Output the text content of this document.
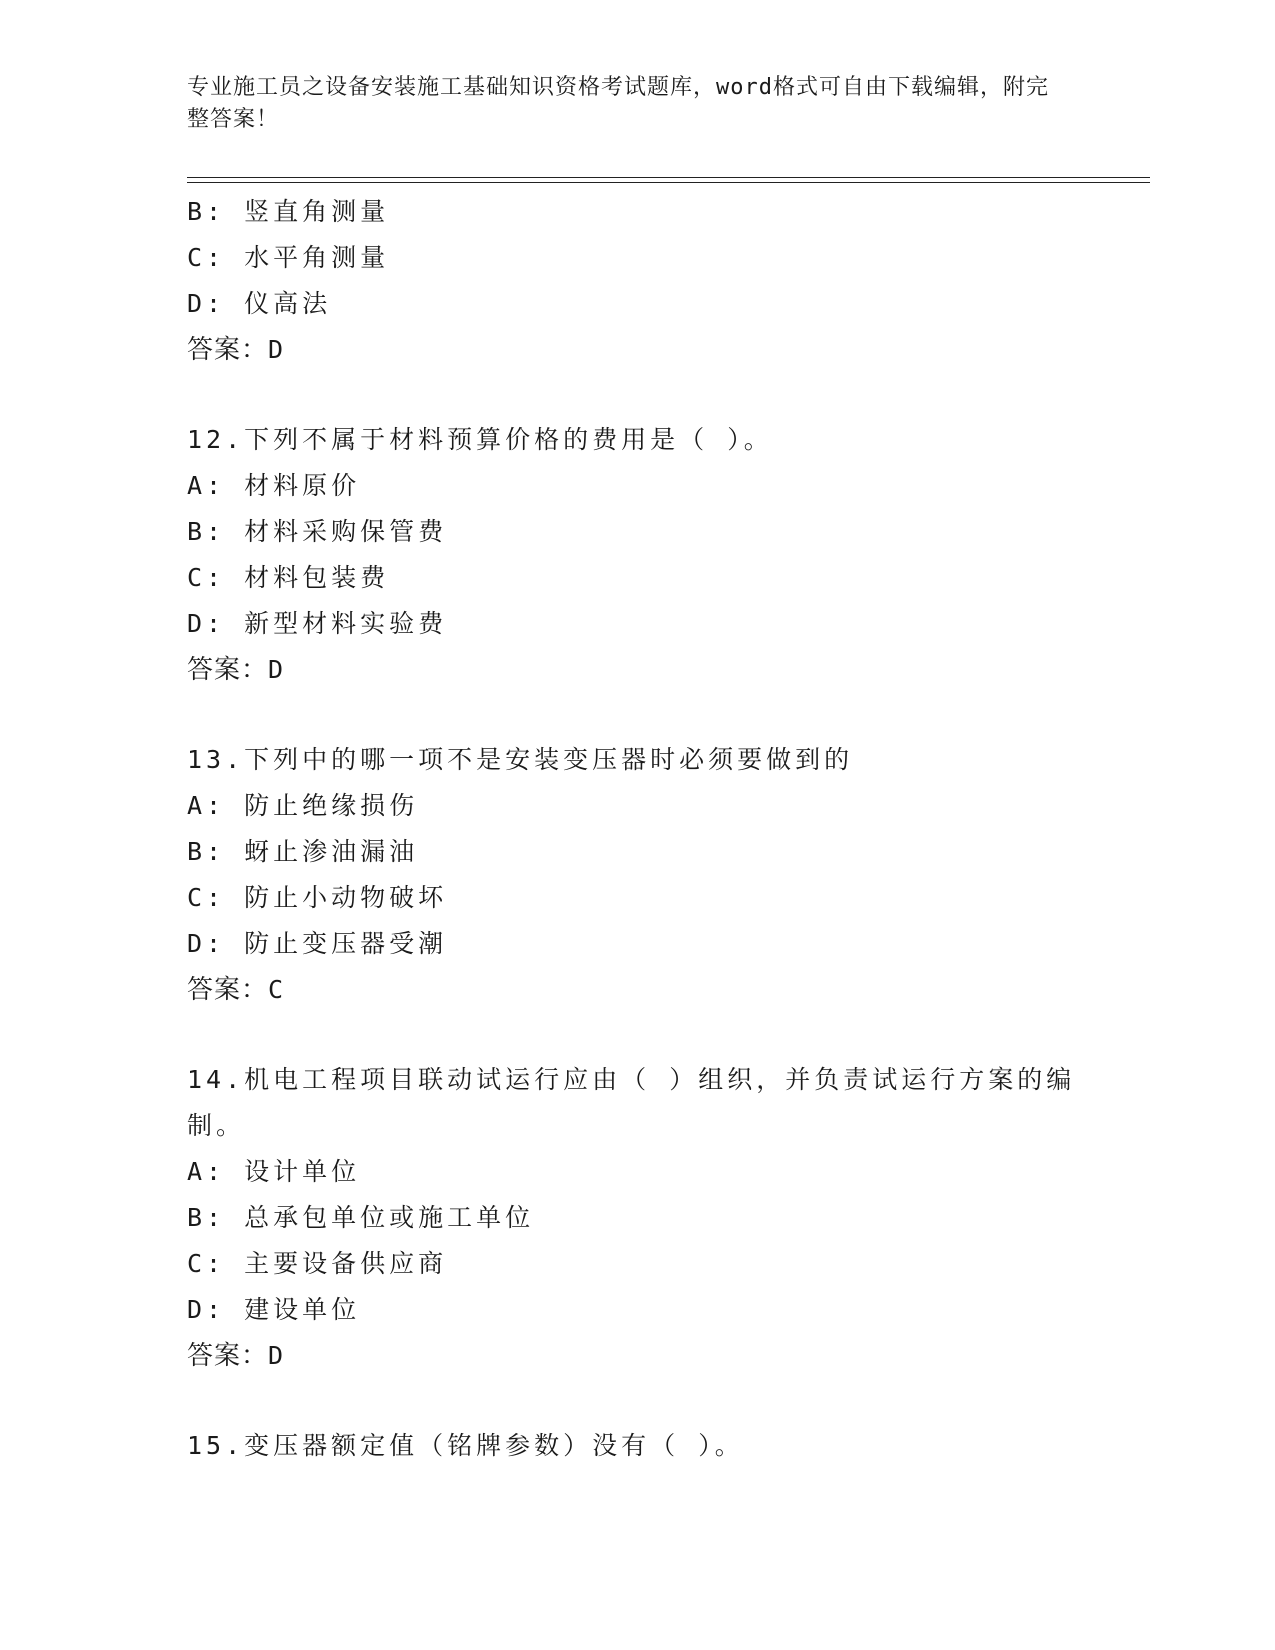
专业施工员之设备安装施工基础知识资格考试题库，word格式可自由下载编辑，附完整答案！
B: 竖直角测量
C: 水平角测量
D: 仪高法
答案：D
12.下列不属于材料预算价格的费用是（ ）。
A: 材料原价
B: 材料采购保管费
C: 材料包装费
D: 新型材料实验费
答案：D
13.下列中的哪一项不是安装变压器时必须要做到的
A: 防止绝缘损伤
B: 蚜止渗油漏油
C: 防止小动物破坏
D: 防止变压器受潮
答案：C
14.机电工程项目联动试运行应由（ ）组织，并负责试运行方案的编
制。
A: 设计单位
B: 总承包单位或施工单位
C: 主要设备供应商
D: 建设单位
答案：D
15.变压器额定值（铭牌参数）没有（ ）。
